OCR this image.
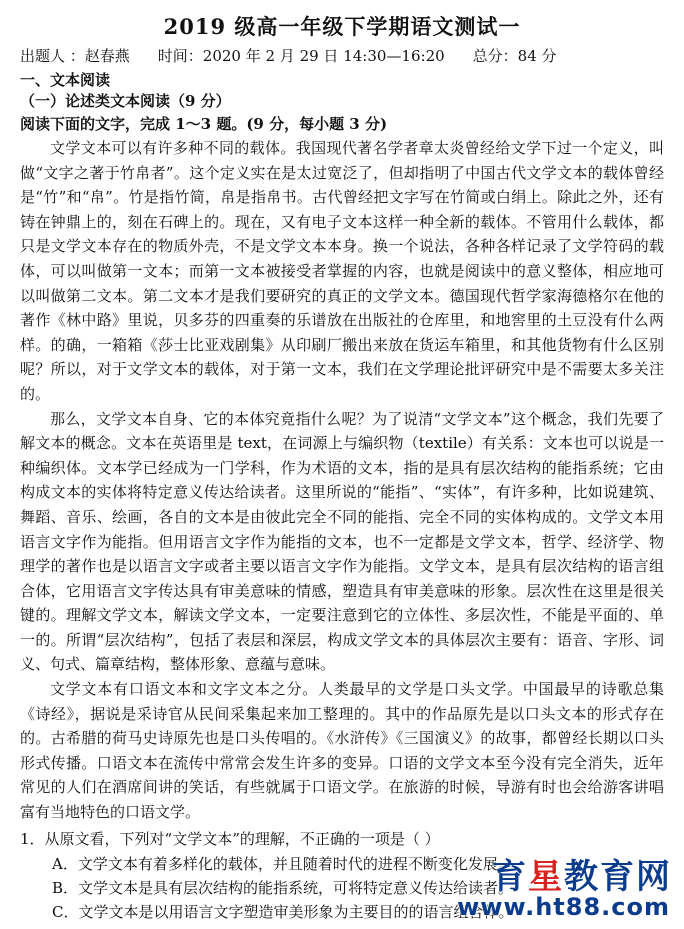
2019 级高一年级下学期语文测试一
出题人 ：赵春燕 时间：2020 年 2 月 29 日 14:30—16:20 总分：84 分
一、文本阅读
（一）论述类文本阅读（9 分）
阅读下面的文字，完成 1～3 题。(9 分，每小题 3 分)

文学文本可以有许多种不同的载体。我国现代著名学者章太炎曾经给文学下过一个定义，叫做“文字之著于竹帛者”。这个定义实在是太过宽泛了，但却指明了中国古代文学文本的载体曾经是“竹”和“帛”。竹是指竹简，帛是指帛书。古代曾经把文字写在竹简或白绢上。除此之外，还有铸在钟鼎上的，刻在石碑上的。现在，又有电子文本这样一种全新的载体。不管用什么载体，都只是文学文本存在的物质外壳，不是文学文本本身。换一个说法，各种各样记录了文学符码的载体，可以叫做第一文本；而第一文本被接受者掌握的内容，也就是阅读中的意义整体，相应地可以叫做第二文本。第二文本才是我们要研究的真正的文学文本。德国现代哲学家海德格尔在他的著作《林中路》里说，贝多芬的四重奏的乐谱放在出版社的仓库里，和地窖里的土豆没有什么两样。的确，一箱箱《莎士比亚戏剧集》从印刷厂搬出来放在货运车箱里，和其他货物有什么区别呢？所以，对于文学文本的载体，对于第一文本，我们在文学理论批评研究中是不需要太多关注的。

那么，文学文本自身、它的本体究竟指什么呢？为了说清“文学文本”这个概念，我们先要了解文本的概念。文本在英语里是 text，在词源上与编织物（textile）有关系：文本也可以说是一种编织体。文本学已经成为一门学科，作为术语的文本，指的是具有层次结构的能指系统；它由构成文本的实体将特定意义传达给读者。这里所说的“能指”、“实体”，有许多种，比如说建筑、舞蹈、音乐、绘画，各自的文本是由彼此完全不同的能指、完全不同的实体构成的。文学文本用语言文字作为能指。但用语言文字作为能指的文本，也不一定都是文学文本，哲学、经济学、物理学的著作也是以语言文字或者主要以语言文字作为能指。文学文本，是具有层次结构的语言组合体，它用语言文字传达具有审美意味的情感，塑造具有审美意味的形象。层次性在这里是很关键的。理解文学文本，解读文学文本，一定要注意到它的立体性、多层次性，不能是平面的、单一的。所谓“层次结构”，包括了表层和深层，构成文学文本的具体层次主要有：语音、字形、词义、句式、篇章结构，整体形象、意蕴与意味。

文学文本有口语文本和文字文本之分。人类最早的文学是口头文学。中国最早的诗歌总集《诗经》，据说是采诗官从民间采集起来加工整理的。其中的作品原先是以口头文本的形式存在的。古希腊的荷马史诗原先也是口头传唱的。《水浒传》《三国演义》的故事，都曾经长期以口头形式传播。口语文本在流传中常常会发生许多的变异。口语的文学文本至今没有完全消失，近年常见的人们在酒席间讲的笑话，有些就属于口语文学。在旅游的时候，导游有时也会给游客讲唱富有当地特色的口语文学。

1．从原文看，下列对“文学文本”的理解，不正确的一项是（ ）
A．文学文本有着多样化的载体，并且随着时代的进程不断变化发展。
B．文学文本是具有层次结构的能指系统，可将特定意义传达给读者。
C．文学文本是以用语言文字塑造审美形象为主要目的的语言组合体。
育星教育网
www.ht88.com
